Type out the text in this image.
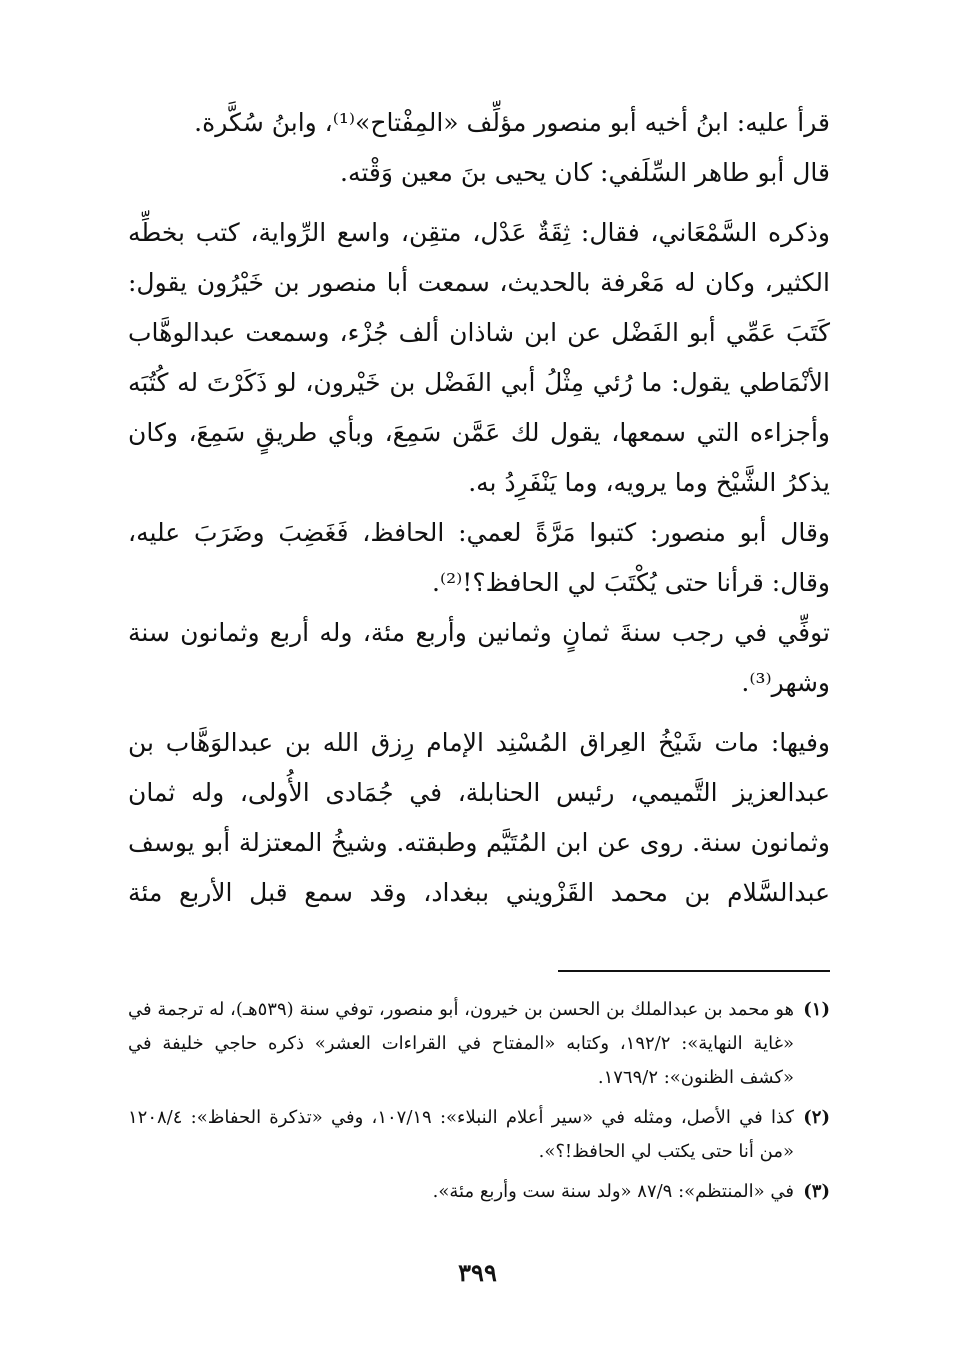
قرأ عليه: ابنُ أخيه أبو منصور مؤلِّف «المِفْتاح»⁽¹⁾، وابنُ سُكَّرة.

قال أبو طاهر السِّلَفي: كان يحيى بنَ معين وَقْته.

وذكره السَّمْعَاني، فقال: ثِقَةٌ عَدْل، متقِن، واسع الرِّواية، كتب بخطِّه الكثير، وكان له مَعْرفة بالحديث، سمعت أبا منصور بن خَيْرُون يقول: كَتَبَ عَمِّي أبو الفَضْل عن ابن شاذان ألف جُزْء، وسمعت عبدالوهَّاب الأنْمَاطي يقول: ما رُئي مِثْلُ أبي الفَضْل بن خَيْرون، لو ذَكَرْتَ له كُتُبَه وأجزاءه التي سمعها، يقول لك عَمَّن سَمِعَ، وبأي طريقٍ سَمِعَ، وكان يذكرُ الشَّيْخ وما يرويه، وما يَنْفَرِدُ به.

وقال أبو منصور: كتبوا مَرَّةً لعمي: الحافظ، فَغَضِبَ وضَرَبَ عليه، وقال: قرأنا حتى يُكْتَبَ لي الحافظ؟!⁽²⁾.

توفِّي في رجب سنةَ ثمانٍ وثمانين وأربع مئة، وله أربع وثمانون سنة وشهر⁽³⁾.

وفيها: مات شَيْخُ العِراق المُسْنِد الإمام رِزق الله بن عبدالوَهَّاب بن عبدالعزيز التَّميمي، رئيس الحنابلة، في جُمَادى الأُولى، وله ثمان وثمانون سنة. روى عن ابن المُتَيَّم وطبقته. وشيخُ المعتزلة أبو يوسف عبدالسَّلام بن محمد القَزْويني ببغداد، وقد سمع قبل الأربع مئة

(١)
هو محمد بن عبدالملك بن الحسن بن خيرون، أبو منصور، توفي سنة (٥٣٩هـ)، له ترجمة في «غاية النهاية»: ١٩٢/٢، وكتابه «المفتاح في القراءات العشر» ذكره حاجي خليفة في «كشف الظنون»: ١٧٦٩/٢.
(٢)
كذا في الأصل، ومثله في «سير أعلام النبلاء»: ١٠٧/١٩، وفي «تذكرة الحفاظ»: ١٢٠٨/٤ «من أنا حتى يكتب لي الحافظ!؟».
(٣)
في «المنتظم»: ٨٧/٩ «ولد سنة ست وأربع مئة».
٣٩٩
